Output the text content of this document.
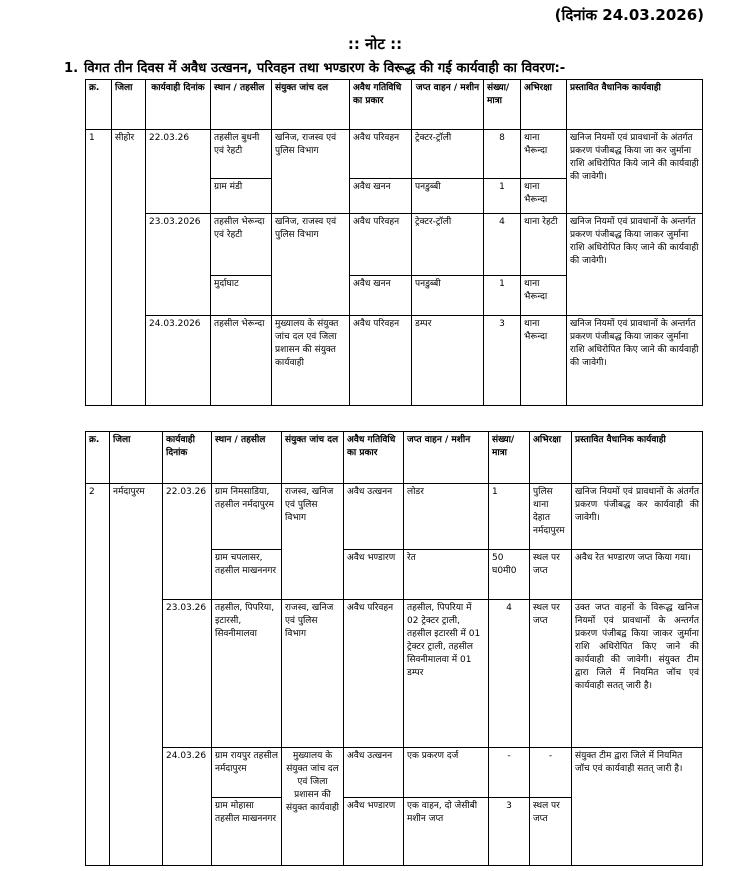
(दिनांक 24.03.2026)
:: नोट ::
1. विगत तीन दिवस में अवैध उत्खनन, परिवहन तथा भण्डारण के विरूद्ध की गई कार्यवाही का विवरण:-
क्र.	जिला	कार्यवाही दिनांक	स्थान / तहसील	संयुक्त जांच दल	अवैध गतिविधि का प्रकार	जप्त वाहन / मशीन	संख्या/ मात्रा	अभिरक्षा	प्रस्तावित वैधानिक कार्यवाही
1	सीहोर	22.03.26	तहसील बुधनी एवं रेहटी	खनिज, राजस्व एवं पुलिस विभाग	अवैध परिवहन	ट्रेक्टर-ट्रॉली	8	थाना भैरून्दा	खनिज नियमों एवं प्रावधानों के अंतर्गत प्रकरण पंजीबद्ध किया जा कर जुर्माना राशि अधिरोपित किये जाने की कार्यवाही की जावेगी।
			ग्राम मंडी		अवैध खनन	पनडुब्बी	1	थाना भैरून्दा	
		23.03.2026	तहसील भेरून्दा एवं रेहटी	खनिज, राजस्व एवं पुलिस विभाग	अवैध परिवहन	ट्रेक्टर-ट्रॉली	4	थाना रेहटी	खनिज नियमों एवं प्रावधानों के अन्तर्गत प्रकरण पंजीबद्ध किया जाकर जुर्माना राशि अधिरोपित किए जाने की कार्यवाही की जावेगी।
			मुर्दाघाट		अवैध खनन	पनडुब्बी	1	थाना भैरून्दा	
		24.03.2026	तहसील भेरून्दा	मुख्यालय के संयुक्त जांच दल एवं जिला प्रशासन की संयुक्त कार्यवाही	अवैध परिवहन	डम्पर	3	थाना भैरून्दा	खनिज नियमों एवं प्रावधानों के अन्तर्गत प्रकरण पंजीबद्ध किया जाकर जुर्माना राशि अधिरोपित किए जाने की कार्यवाही की जावेगी।
क्र.	जिला	कार्यवाही दिनांक	स्थान / तहसील	संयुक्त जांच दल	अवैध गतिविधि का प्रकार	जप्त वाहन / मशीन	संख्या/ मात्रा	अभिरक्षा	प्रस्तावित वैधानिक कार्यवाही
2	नर्मदापुरम	22.03.26	ग्राम निमसाडिया, तहसील नर्मदापुरम	राजस्व, खनिज एवं पुलिस विभाग	अवैध उत्खनन	लोडर	1	पुलिस थाना देहात नर्मदापुरम	खनिज नियमों एवं प्रावधानों के अंतर्गत प्रकरण पंजीबद्ध कर कार्यवाही की जावेगी।
			ग्राम चपलासर, तहसील माखननगर		अवैध भण्डारण	रेत	50 घ0मी0	स्थल पर जप्त	अवैध रेत भण्डारण जप्त किया गया।
		23.03.26	तहसील, पिपरिया, इटारसी, सिवनीमालवा	राजस्व, खनिज एवं पुलिस विभाग	अवैध परिवहन	तहसील, पिपरिया में 02 ट्रेक्टर ट्राली, तहसील इटारसी में 01 ट्रेक्टर ट्राली, तहसील सिवनीमालवा में 01 डम्पर	4	स्थल पर जप्त	उक्त जप्त वाहनों के विरूद्ध खनिज नियमों एवं प्रावधानों के अन्तर्गत प्रकरण पंजीबद्व किया जाकर जुर्माना राशि अधिरोपित किए जाने की कार्यवाही की जावेगी। संयुक्त टीम द्वारा जिले में नियमित जॉच एवं कार्यवाही सतत् जारी है।
		24.03.26	ग्राम रायपुर तहसील नर्मदापुरम	मुख्यालय के संयुक्त जांच दल एवं जिला प्रशासन की संयुक्त कार्यवाही	अवैध उत्खनन	एक प्रकरण दर्ज	-	-	संयुक्त टीम द्वारा जिले में नियमित जॉच एवं कार्यवाही सतत् जारी है।
			ग्राम मोहासा तहसील माखननगर		अवैध भण्डारण	एक वाहन, दो जेसीबी मशीन जप्त	3	स्थल पर जप्त	
